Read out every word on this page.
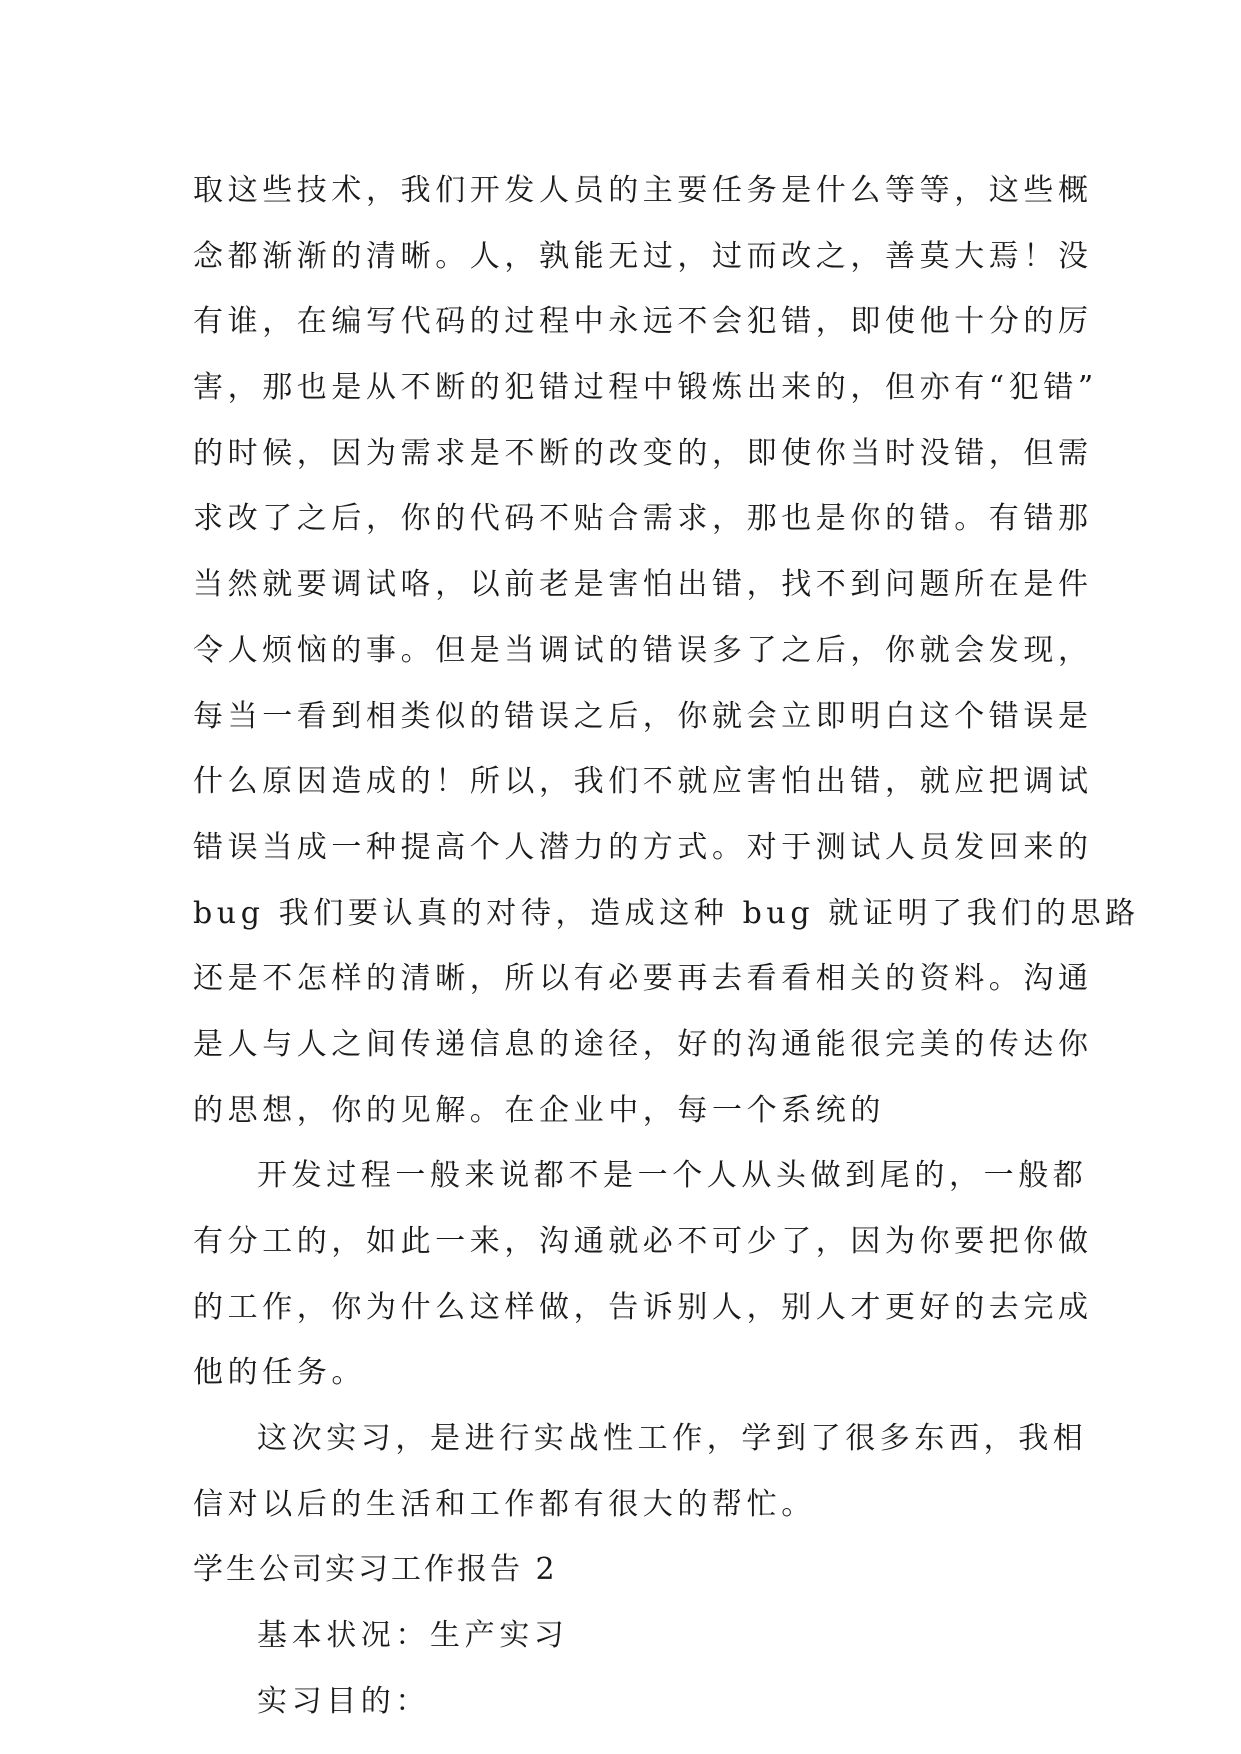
取这些技术，我们开发人员的主要任务是什么等等，这些概
念都渐渐的清晰。人，孰能无过，过而改之，善莫大焉！没
有谁，在编写代码的过程中永远不会犯错，即使他十分的厉
害，那也是从不断的犯错过程中锻炼出来的，但亦有“犯错”
的时候，因为需求是不断的改变的，即使你当时没错，但需
求改了之后，你的代码不贴合需求，那也是你的错。有错那
当然就要调试咯，以前老是害怕出错，找不到问题所在是件
令人烦恼的事。但是当调试的错误多了之后，你就会发现，
每当一看到相类似的错误之后，你就会立即明白这个错误是
什么原因造成的！所以，我们不就应害怕出错，就应把调试
错误当成一种提高个人潜力的方式。对于测试人员发回来的
bug 我们要认真的对待，造成这种 bug 就证明了我们的思路
还是不怎样的清晰，所以有必要再去看看相关的资料。沟通
是人与人之间传递信息的途径，好的沟通能很完美的传达你
的思想，你的见解。在企业中，每一个系统的
开发过程一般来说都不是一个人从头做到尾的，一般都
有分工的，如此一来，沟通就必不可少了，因为你要把你做
的工作，你为什么这样做，告诉别人，别人才更好的去完成
他的任务。
这次实习，是进行实战性工作，学到了很多东西，我相
信对以后的生活和工作都有很大的帮忙。
学生公司实习工作报告 2
基本状况：生产实习
实习目的：
